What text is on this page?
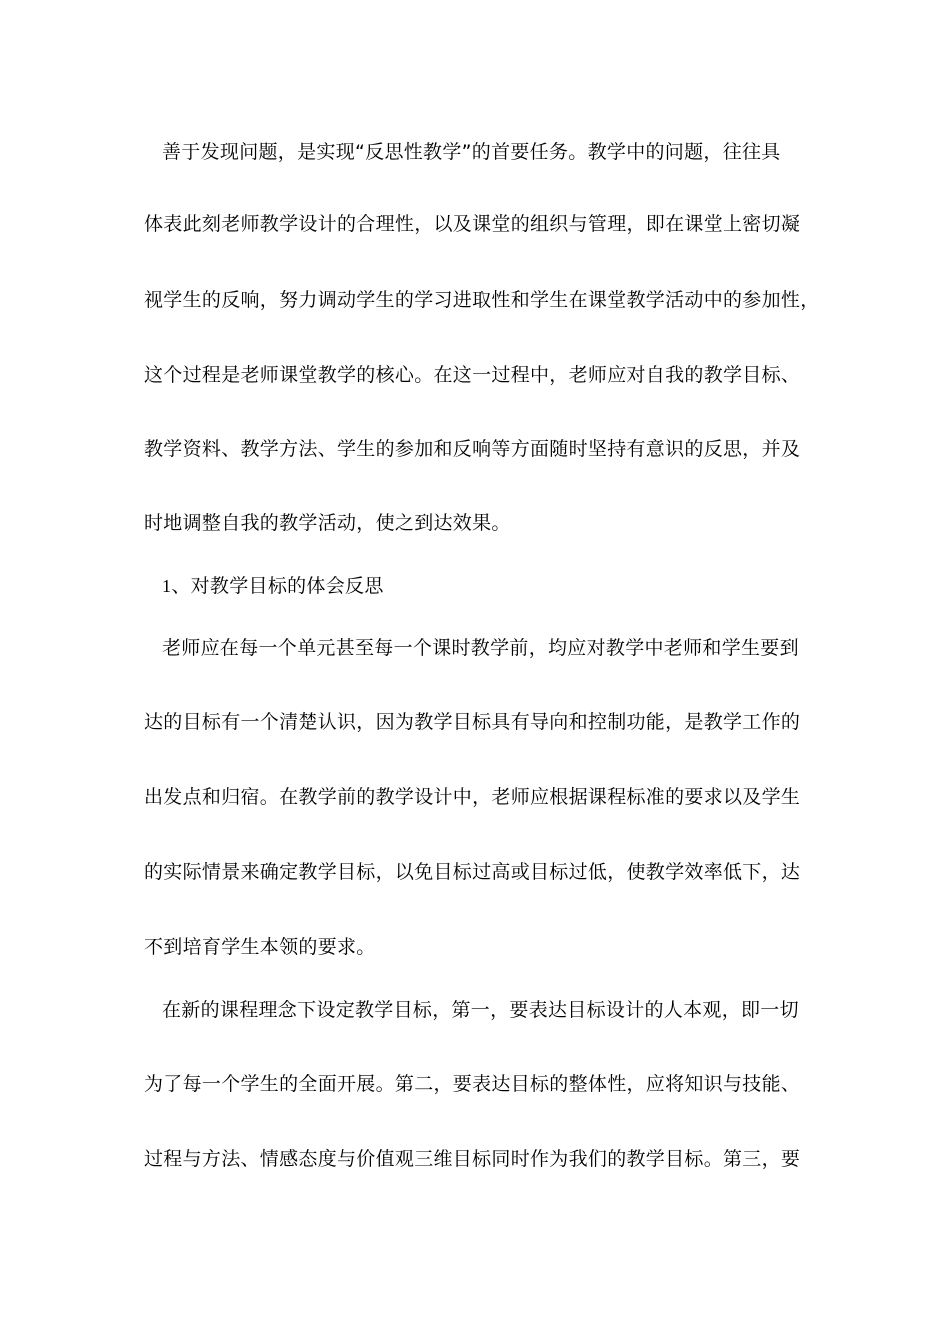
善于发现问题，是实现“反思性教学”的首要任务。教学中的问题，往往具
体表此刻老师教学设计的合理性，以及课堂的组织与管理，即在课堂上密切凝
视学生的反响，努力调动学生的学习进取性和学生在课堂教学活动中的参加性，
这个过程是老师课堂教学的核心。在这一过程中，老师应对自我的教学目标、
教学资料、教学方法、学生的参加和反响等方面随时坚持有意识的反思，并及
时地调整自我的教学活动，使之到达效果。
1、对教学目标的体会反思
老师应在每一个单元甚至每一个课时教学前，均应对教学中老师和学生要到
达的目标有一个清楚认识，因为教学目标具有导向和控制功能，是教学工作的
出发点和归宿。在教学前的教学设计中，老师应根据课程标准的要求以及学生
的实际情景来确定教学目标，以免目标过高或目标过低，使教学效率低下，达
不到培育学生本领的要求。
在新的课程理念下设定教学目标，第一，要表达目标设计的人本观，即一切
为了每一个学生的全面开展。第二，要表达目标的整体性，应将知识与技能、
过程与方法、情感态度与价值观三维目标同时作为我们的教学目标。第三，要
